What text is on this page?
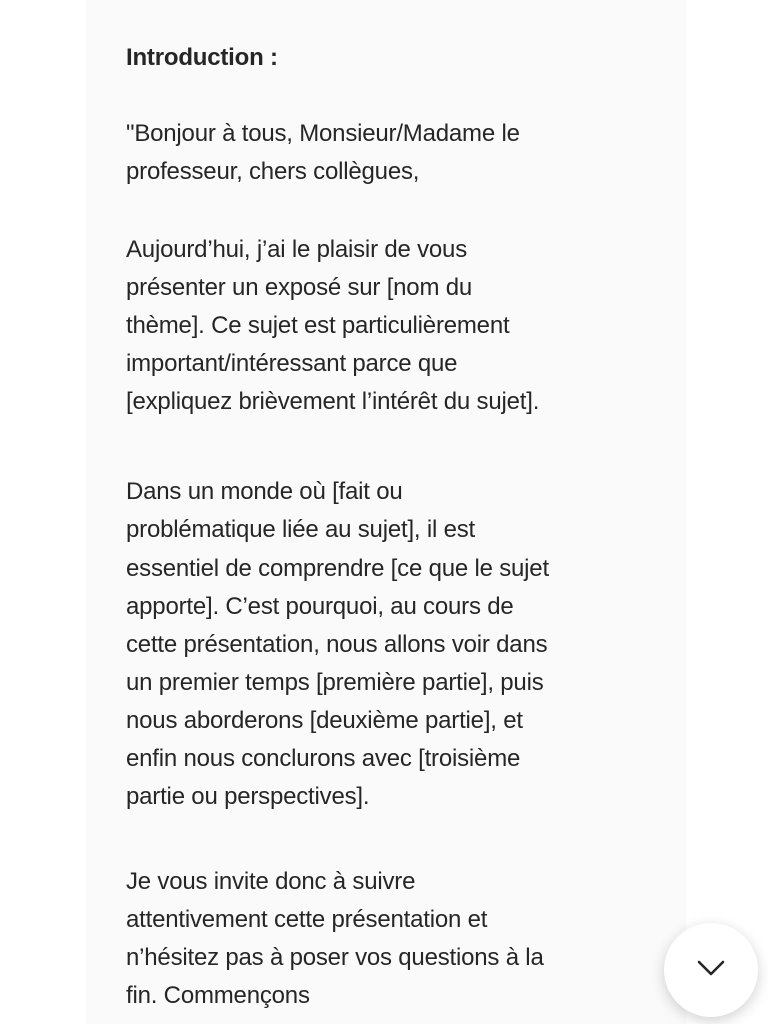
Introduction :
"Bonjour à tous, Monsieur/Madame le
professeur, chers collègues,
Aujourd’hui, j’ai le plaisir de vous
présenter un exposé sur [nom du
thème]. Ce sujet est particulièrement
important/intéressant parce que
[expliquez brièvement l’intérêt du sujet].
Dans un monde où [fait ou
problématique liée au sujet], il est
essentiel de comprendre [ce que le sujet
apporte]. C’est pourquoi, au cours de
cette présentation, nous allons voir dans
un premier temps [première partie], puis
nous aborderons [deuxième partie], et
enfin nous conclurons avec [troisième
partie ou perspectives].
Je vous invite donc à suivre
attentivement cette présentation et
n’hésitez pas à poser vos questions à la
fin. Commençons
